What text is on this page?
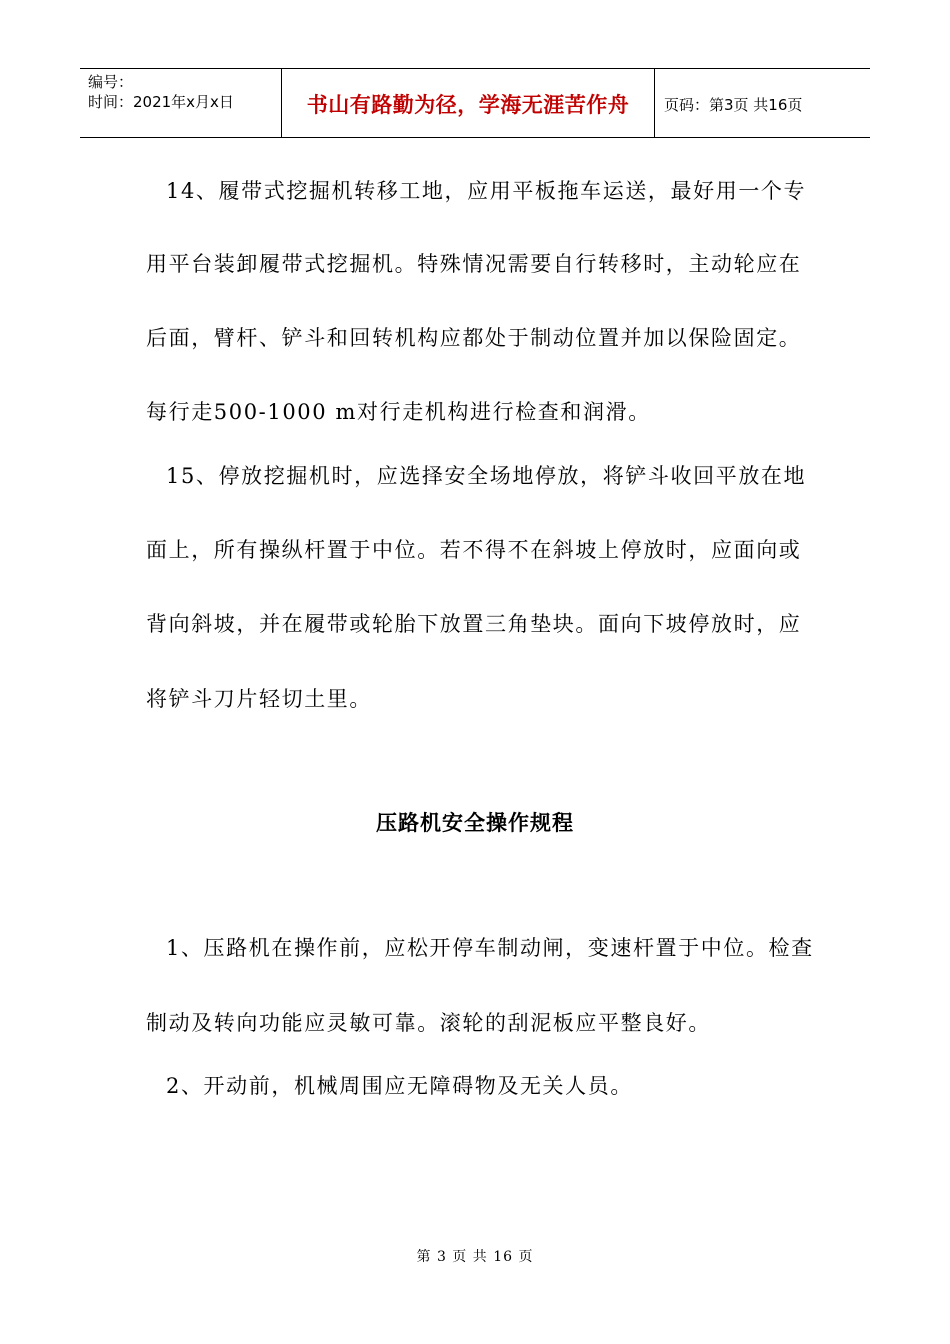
编号：
时间：2021年x月x日	书山有路勤为径，学海无涯苦作舟	页码：第3页 共16页
14、履带式挖掘机转移工地，应用平板拖车运送，最好用一个专
用平台装卸履带式挖掘机。特殊情况需要自行转移时，主动轮应在
后面，臂杆、铲斗和回转机构应都处于制动位置并加以保险固定。
每行走500-1000 m对行走机构进行检查和润滑。
15、停放挖掘机时，应选择安全场地停放，将铲斗收回平放在地
面上，所有操纵杆置于中位。若不得不在斜坡上停放时，应面向或
背向斜坡，并在履带或轮胎下放置三角垫块。面向下坡停放时，应
将铲斗刀片轻切土里。
压路机安全操作规程
1、压路机在操作前，应松开停车制动闸，变速杆置于中位。检查
制动及转向功能应灵敏可靠。滚轮的刮泥板应平整良好。
2、开动前，机械周围应无障碍物及无关人员。
第 3 页 共 16 页
